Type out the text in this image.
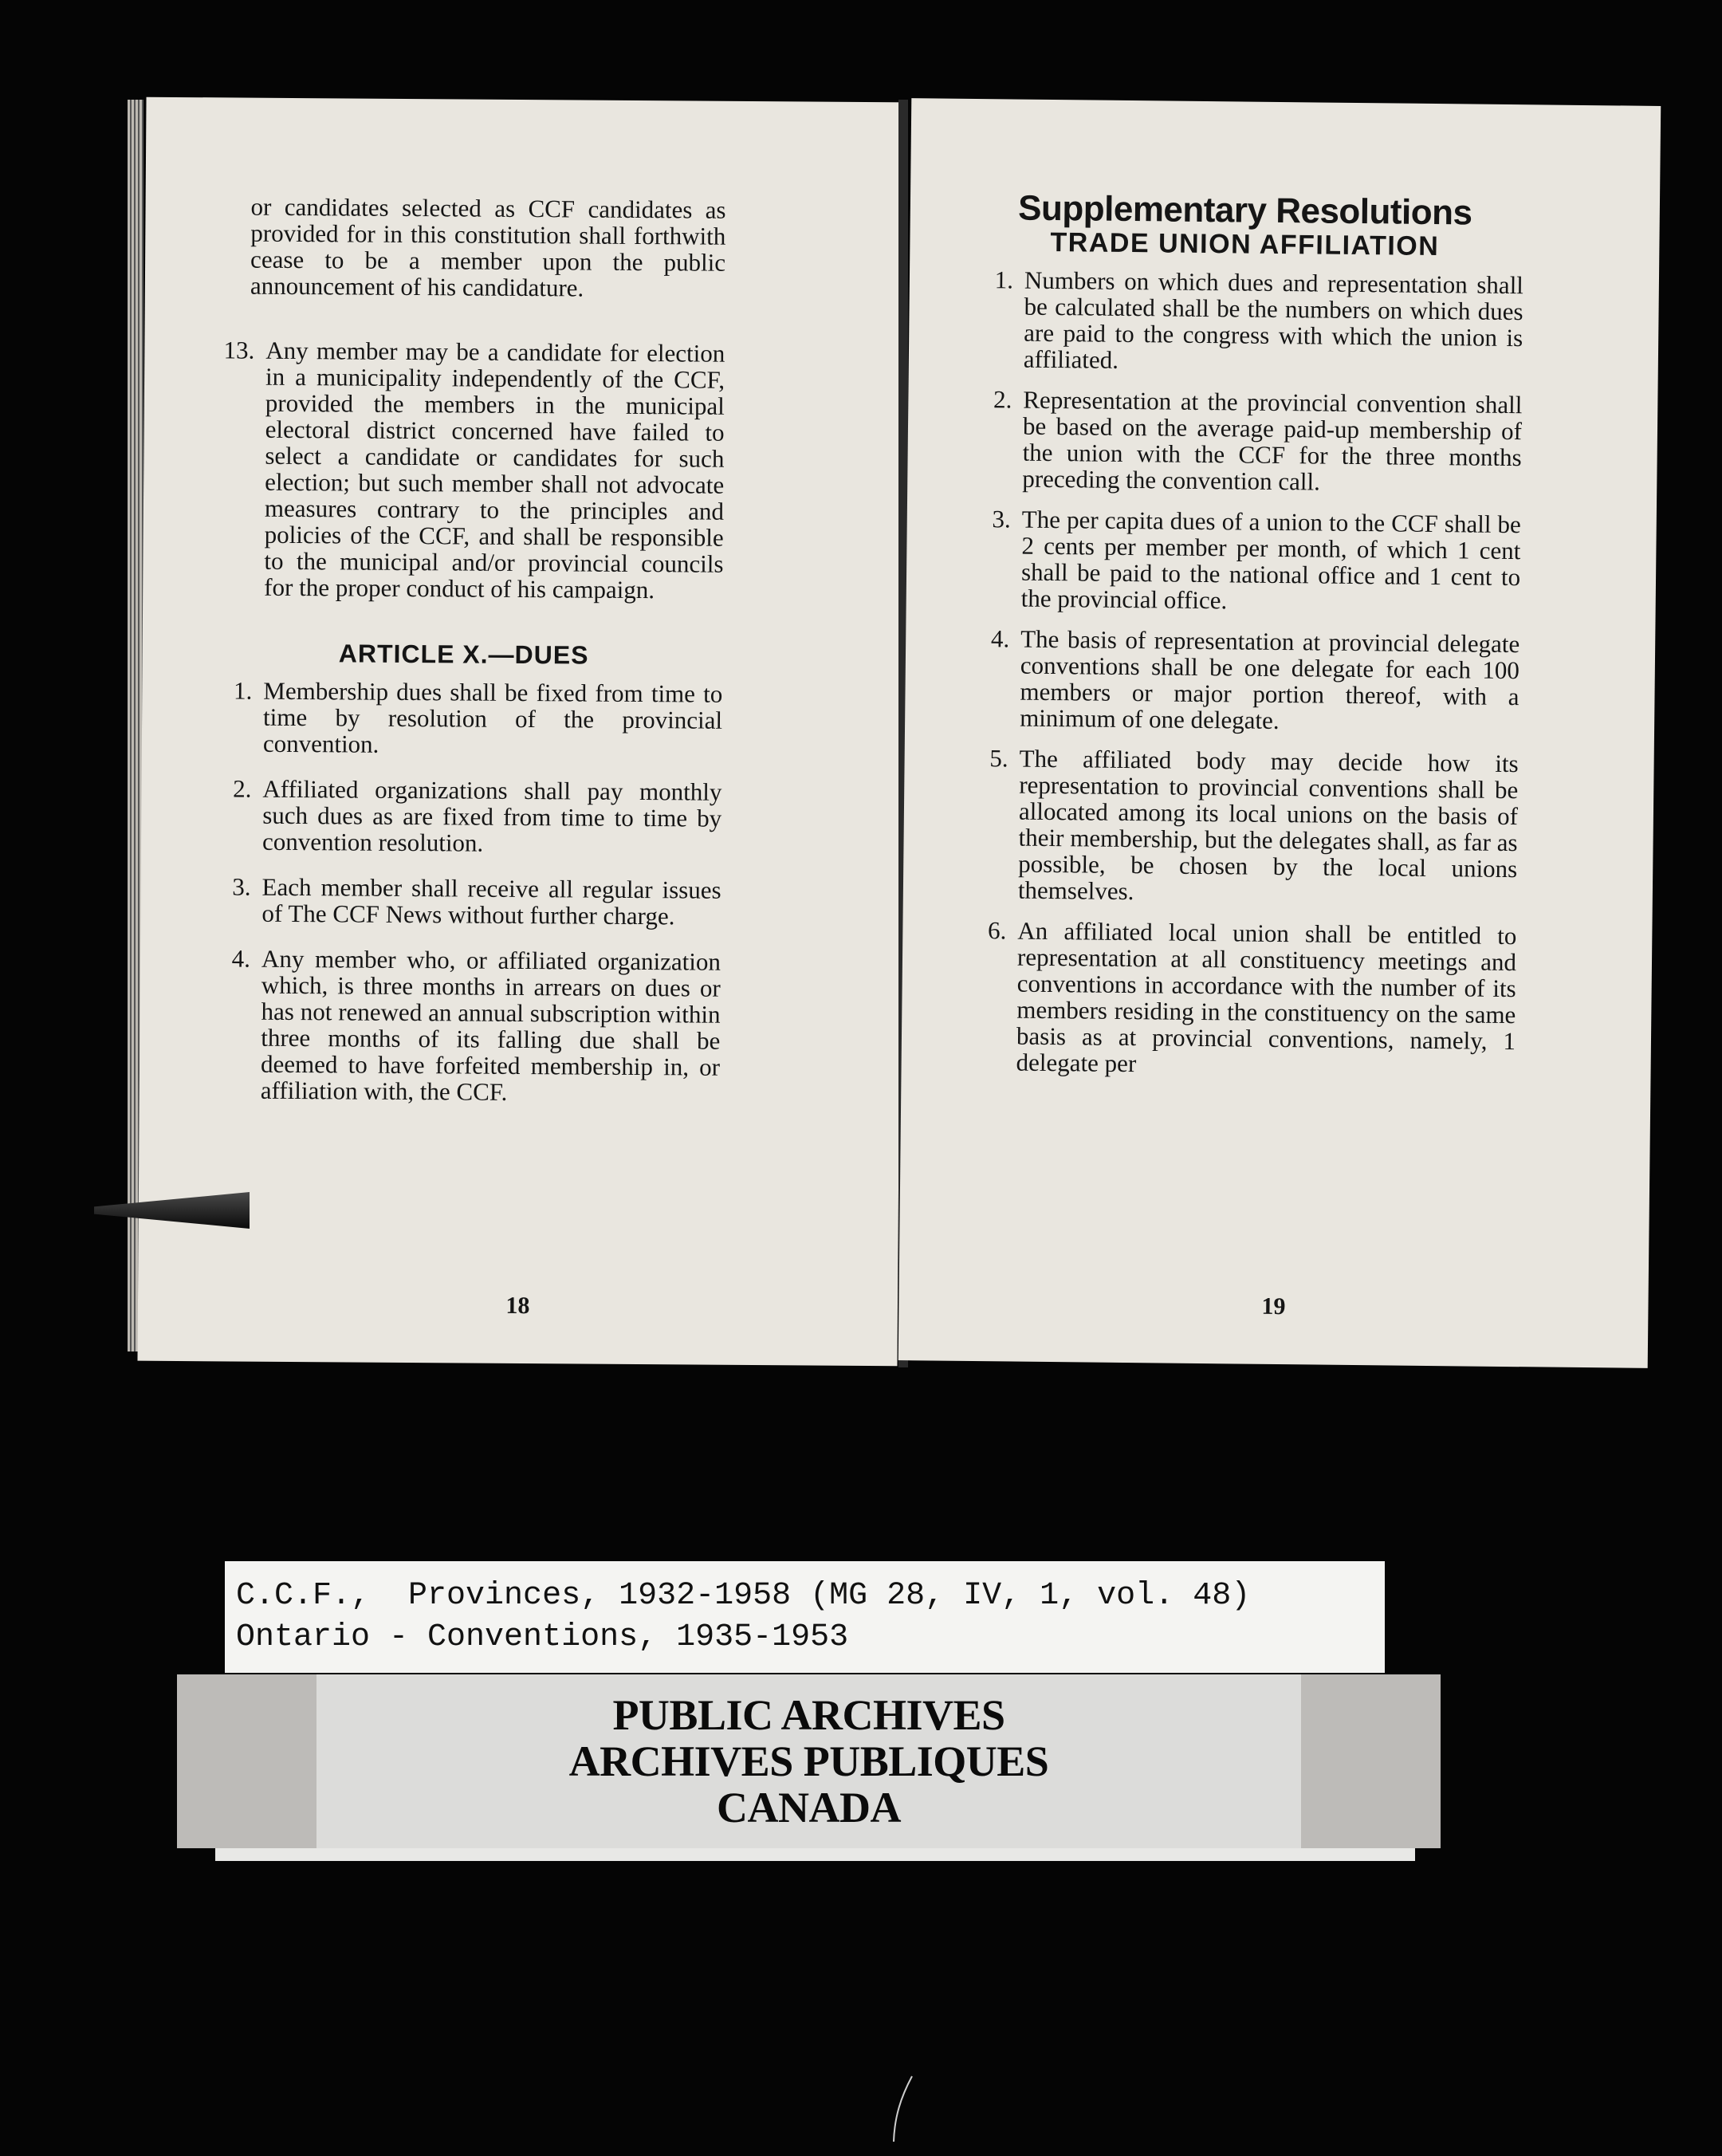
or candidates selected as CCF candidates as provided for in this constitution shall forthwith cease to be a member upon the public announcement of his candidature.

13. Any member may be a candidate for election in a municipality independently of the CCF, provided the members in the municipal electoral district concerned have failed to select a candidate or candidates for such election; but such member shall not advocate measures contrary to the principles and policies of the CCF, and shall be responsible to the municipal and/or provincial councils for the proper conduct of his campaign.

ARTICLE X.—DUES
1. Membership dues shall be fixed from time to time by resolution of the provincial convention.

2. Affiliated organizations shall pay monthly such dues as are fixed from time to time by convention resolution.

3. Each member shall receive all regular issues of The CCF News without further charge.

4. Any member who, or affiliated organization which, is three months in arrears on dues or has not renewed an annual subscription within three months of its falling due shall be deemed to have forfeited membership in, or affiliation with, the CCF.

18
Supplementary Resolutions
TRADE UNION AFFILIATION
1. Numbers on which dues and representation shall be calculated shall be the numbers on which dues are paid to the congress with which the union is affiliated.

2. Representation at the provincial convention shall be based on the average paid-up membership of the union with the CCF for the three months preceding the convention call.

3. The per capita dues of a union to the CCF shall be 2 cents per member per month, of which 1 cent shall be paid to the national office and 1 cent to the provincial office.

4. The basis of representation at provincial delegate conventions shall be one delegate for each 100 members or major portion thereof, with a minimum of one delegate.

5. The affiliated body may decide how its representation to provincial conventions shall be allocated among its local unions on the basis of their membership, but the delegates shall, as far as possible, be chosen by the local unions themselves.

6. An affiliated local union shall be entitled to representation at all constituency meetings and conventions in accordance with the number of its members residing in the constituency on the same basis as at provincial conventions, namely, 1 delegate per

19
C.C.F.,  Provinces, 1932-1958 (MG 28, IV, 1, vol. 48)
Ontario - Conventions, 1935-1953
PUBLIC ARCHIVES
ARCHIVES PUBLIQUES
CANADA
